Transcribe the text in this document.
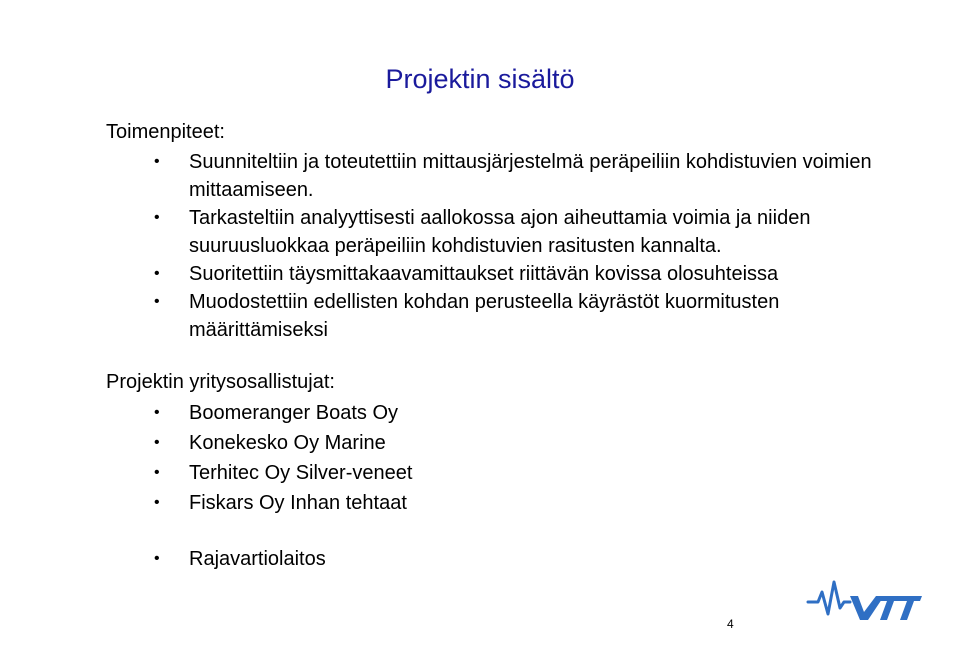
Projektin sisältö

Toimenpiteet:

• Suunniteltiin ja toteutettiin mittausjärjestelmä peräpeiliin kohdistuvien voimien mittaamiseen.
• Tarkasteltiin analyyttisesti aallokossa ajon aiheuttamia voimia ja niiden suuruusluokkaa peräpeiliin kohdistuvien rasitusten kannalta.
• Suoritettiin täysmittakaavamittaukset riittävän kovissa olosuhteissa
• Muodostettiin edellisten kohdan perusteella käyrästöt kuormitusten määrittämiseksi

Projektin yritysosallistujat:

• Boomeranger Boats Oy
• Konekesko Oy Marine
• Terhitec Oy Silver-veneet
• Fiskars Oy Inhan tehtaat
• Rajavartiolaitos
4
